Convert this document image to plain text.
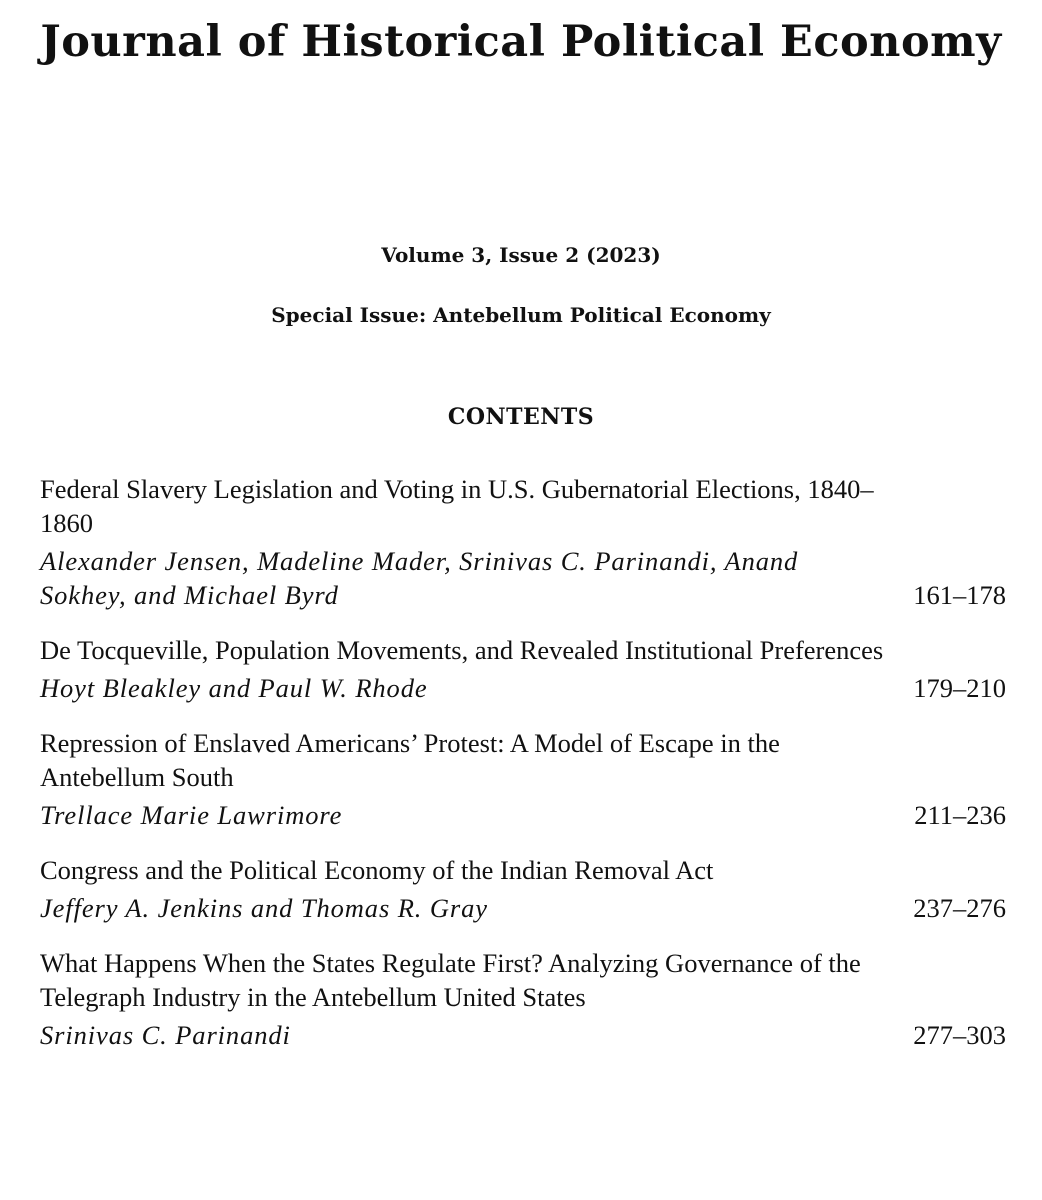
Journal of Historical Political Economy
Volume 3, Issue 2 (2023)
Special Issue: Antebellum Political Economy
CONTENTS
Federal Slavery Legislation and Voting in U.S. Gubernatorial Elections, 1840–1860
Alexander Jensen, Madeline Mader, Srinivas C. Parinandi, Anand Sokhey, and Michael Byrd	161–178
De Tocqueville, Population Movements, and Revealed Institutional Preferences
Hoyt Bleakley and Paul W. Rhode	179–210
Repression of Enslaved Americans’ Protest: A Model of Escape in the Antebellum South
Trellace Marie Lawrimore	211–236
Congress and the Political Economy of the Indian Removal Act
Jeffery A. Jenkins and Thomas R. Gray	237–276
What Happens When the States Regulate First? Analyzing Governance of the Telegraph Industry in the Antebellum United States
Srinivas C. Parinandi	277–303
